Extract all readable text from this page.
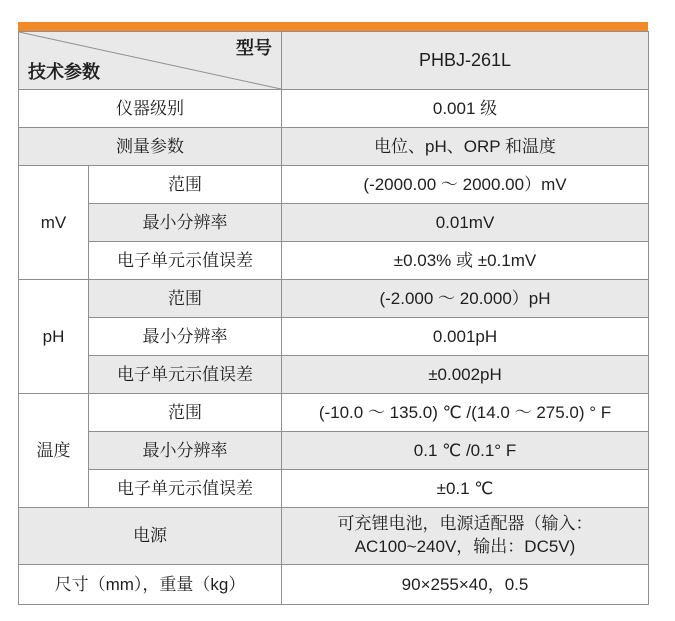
型号
技术参数		PHBJ-261L
仪器级别		0.001 级
测量参数		电位、pH、ORP 和温度
mV	范围	(-2000.00 ～ 2000.00）mV
	最小分辨率	0.01mV
	电子单元示值误差	±0.03% 或 ±0.1mV
pH	范围	(-2.000 ～ 20.000）pH
	最小分辨率	0.001pH
	电子单元示值误差	±0.002pH
温度	范围	(-10.0 ～ 135.0) ℃ /(14.0 ～ 275.0) ° F
	最小分辨率	0.1 ℃ /0.1° F
	电子单元示值误差	±0.1 ℃
电源		可充锂电池，电源适配器（输入：
AC100~240V，输出：DC5V)

尺寸（mm），重量（kg）		90×255×40，0.5
